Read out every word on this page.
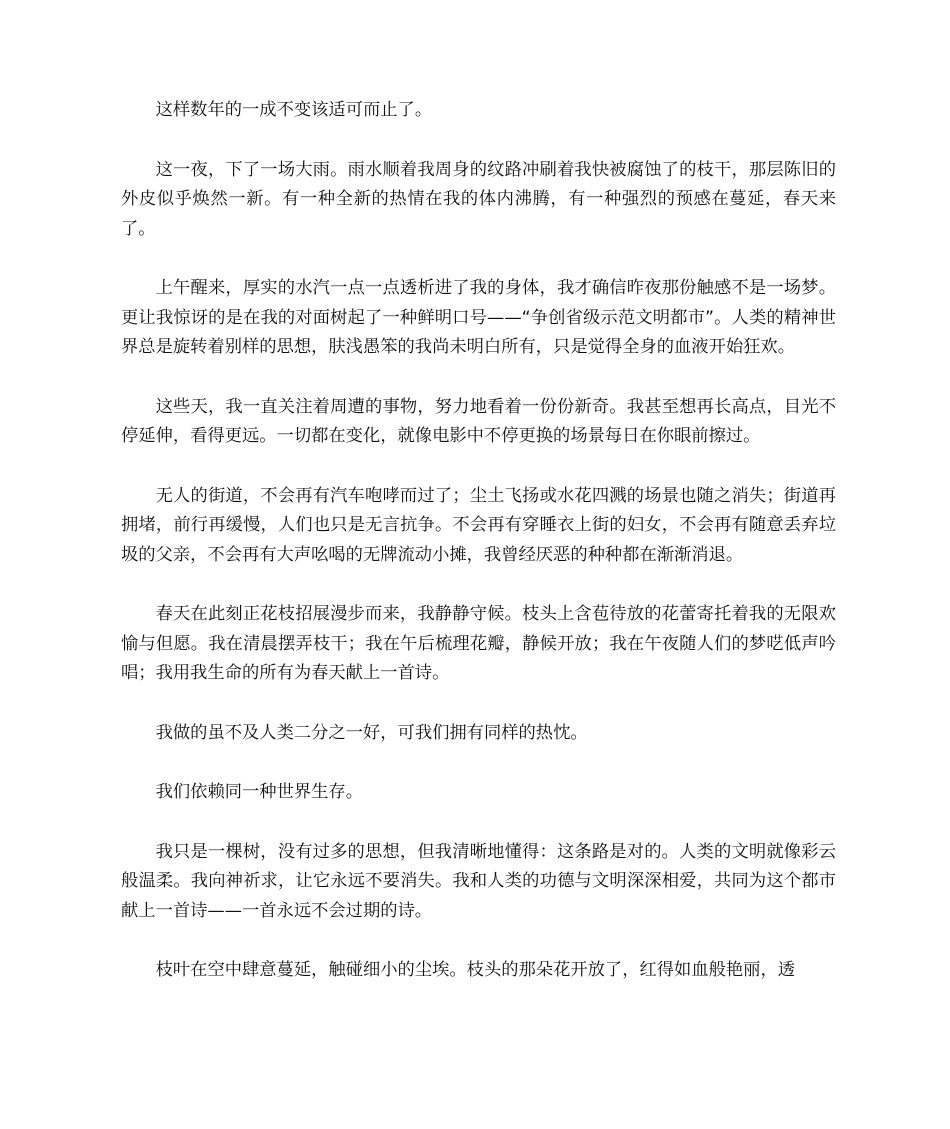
这样数年的一成不变该适可而止了。

这一夜，下了一场大雨。雨水顺着我周身的纹路冲刷着我快被腐蚀了的枝干，那层陈旧的外皮似乎焕然一新。有一种全新的热情在我的体内沸腾，有一种强烈的预感在蔓延，春天来了。

上午醒来，厚实的水汽一点一点透析进了我的身体，我才确信昨夜那份触感不是一场梦。更让我惊讶的是在我的对面树起了一种鲜明口号——“争创省级示范文明都市”。人类的精神世界总是旋转着别样的思想，肤浅愚笨的我尚未明白所有，只是觉得全身的血液开始狂欢。

这些天，我一直关注着周遭的事物，努力地看着一份份新奇。我甚至想再长高点，目光不停延伸，看得更远。一切都在变化，就像电影中不停更换的场景每日在你眼前擦过。

无人的街道，不会再有汽车咆哮而过了；尘土飞扬或水花四溅的场景也随之消失；街道再拥堵，前行再缓慢，人们也只是无言抗争。不会再有穿睡衣上街的妇女，不会再有随意丢弃垃圾的父亲，不会再有大声吆喝的无牌流动小摊，我曾经厌恶的种种都在渐渐消退。

春天在此刻正花枝招展漫步而来，我静静守候。枝头上含苞待放的花蕾寄托着我的无限欢愉与但愿。我在清晨摆弄枝干；我在午后梳理花瓣，静候开放；我在午夜随人们的梦呓低声吟唱；我用我生命的所有为春天献上一首诗。

我做的虽不及人类二分之一好，可我们拥有同样的热忱。

我们依赖同一种世界生存。

我只是一棵树，没有过多的思想，但我清晰地懂得：这条路是对的。人类的文明就像彩云般温柔。我向神祈求，让它永远不要消失。我和人类的功德与文明深深相爱，共同为这个都市献上一首诗——一首永远不会过期的诗。

枝叶在空中肆意蔓延，触碰细小的尘埃。枝头的那朵花开放了，红得如血般艳丽，透
